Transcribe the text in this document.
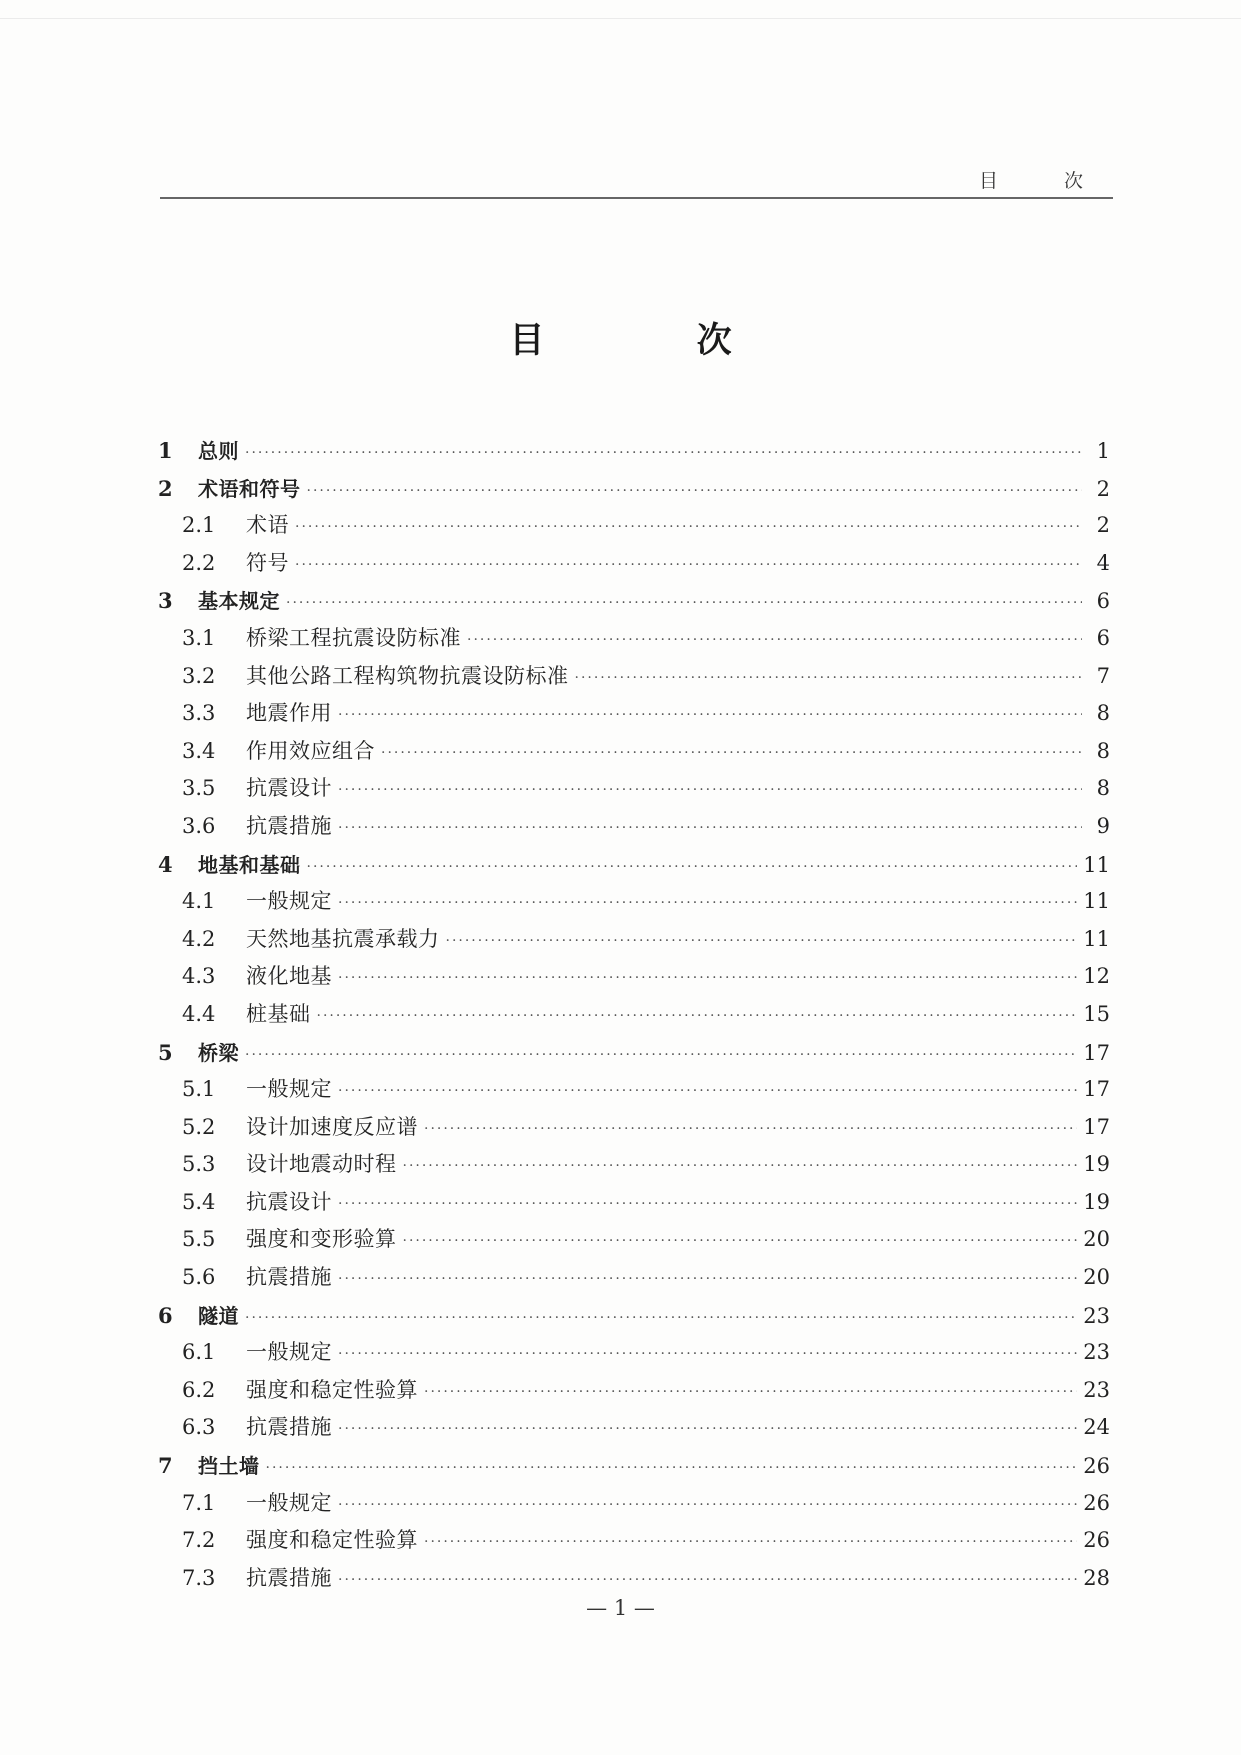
目 次
目 次
1	总则 ·····	1
2	术语和符号 ·····	2
2.1	术语 ·····	2
2.2	符号 ·····	4
3	基本规定 ·····	6
3.1	桥梁工程抗震设防标准 ·····	6
3.2	其他公路工程构筑物抗震设防标准 ·····	7
3.3	地震作用 ·····	8
3.4	作用效应组合 ·····	8
3.5	抗震设计 ·····	8
3.6	抗震措施 ·····	9
4	地基和基础 ·····	11
4.1	一般规定 ·····	11
4.2	天然地基抗震承载力 ·····	11
4.3	液化地基 ·····	12
4.4	桩基础 ·····	15
5	桥梁 ·····	17
5.1	一般规定 ·····	17
5.2	设计加速度反应谱 ·····	17
5.3	设计地震动时程 ·····	19
5.4	抗震设计 ·····	19
5.5	强度和变形验算 ·····	20
5.6	抗震措施 ·····	20
6	隧道 ·····	23
6.1	一般规定 ·····	23
6.2	强度和稳定性验算 ·····	23
6.3	抗震措施 ·····	24
7	挡土墙 ·····	26
7.1	一般规定 ·····	26
7.2	强度和稳定性验算 ·····	26
7.3	抗震措施 ·····	28
— 1 —
